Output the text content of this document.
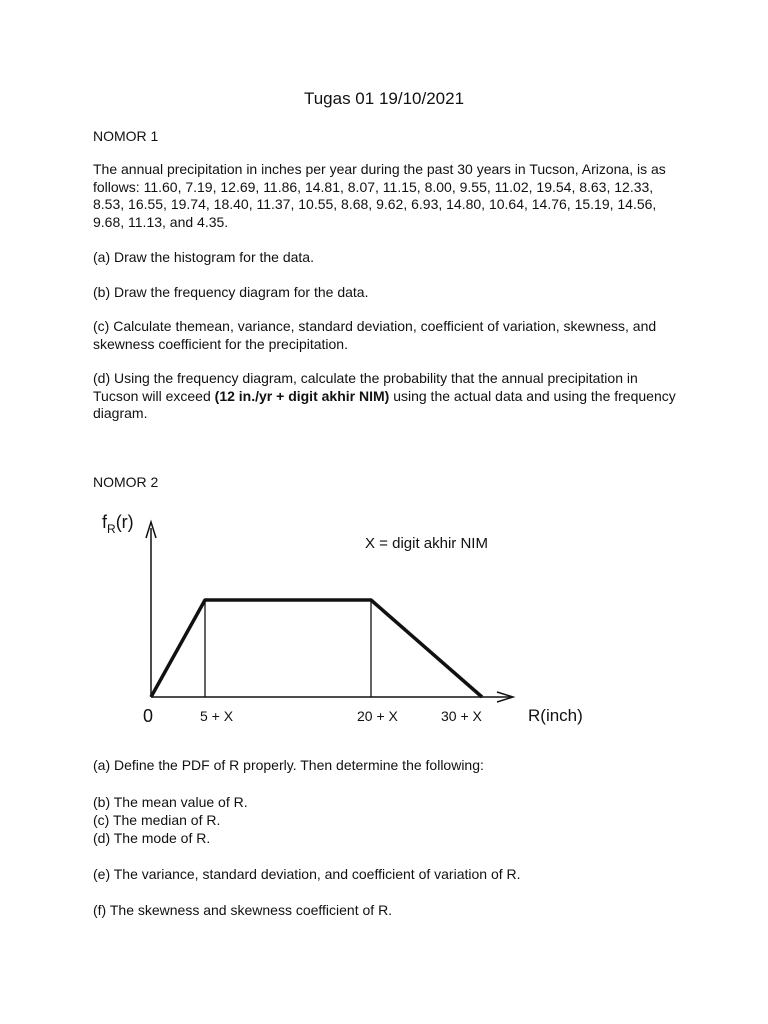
Tugas 01 19/10/2021
NOMOR 1
The annual precipitation in inches per year during the past 30 years in Tucson, Arizona, is as follows: 11.60, 7.19, 12.69, 11.86, 14.81, 8.07, 11.15, 8.00, 9.55, 11.02, 19.54, 8.63, 12.33, 8.53, 16.55, 19.74, 18.40, 11.37, 10.55, 8.68, 9.62, 6.93, 14.80, 10.64, 14.76, 15.19, 14.56, 9.68, 11.13, and 4.35.
(a) Draw the histogram for the data.
(b) Draw the frequency diagram for the data.
(c) Calculate themean, variance, standard deviation, coefficient of variation, skewness, and skewness coefficient for the precipitation.
(d) Using the frequency diagram, calculate the probability that the annual precipitation in Tucson will exceed (12 in./yr + digit akhir NIM) using the actual data and using the frequency diagram.
NOMOR 2
$f_R(r)$
X = digit akhir NIM
0	5 + X	20 + X	30 + X	R(inch)
(a) Define the PDF of R properly. Then determine the following:
(b) The mean value of R.
(c) The median of R.
(d) The mode of R.
(e) The variance, standard deviation, and coefficient of variation of R.
(f) The skewness and skewness coefficient of R.
